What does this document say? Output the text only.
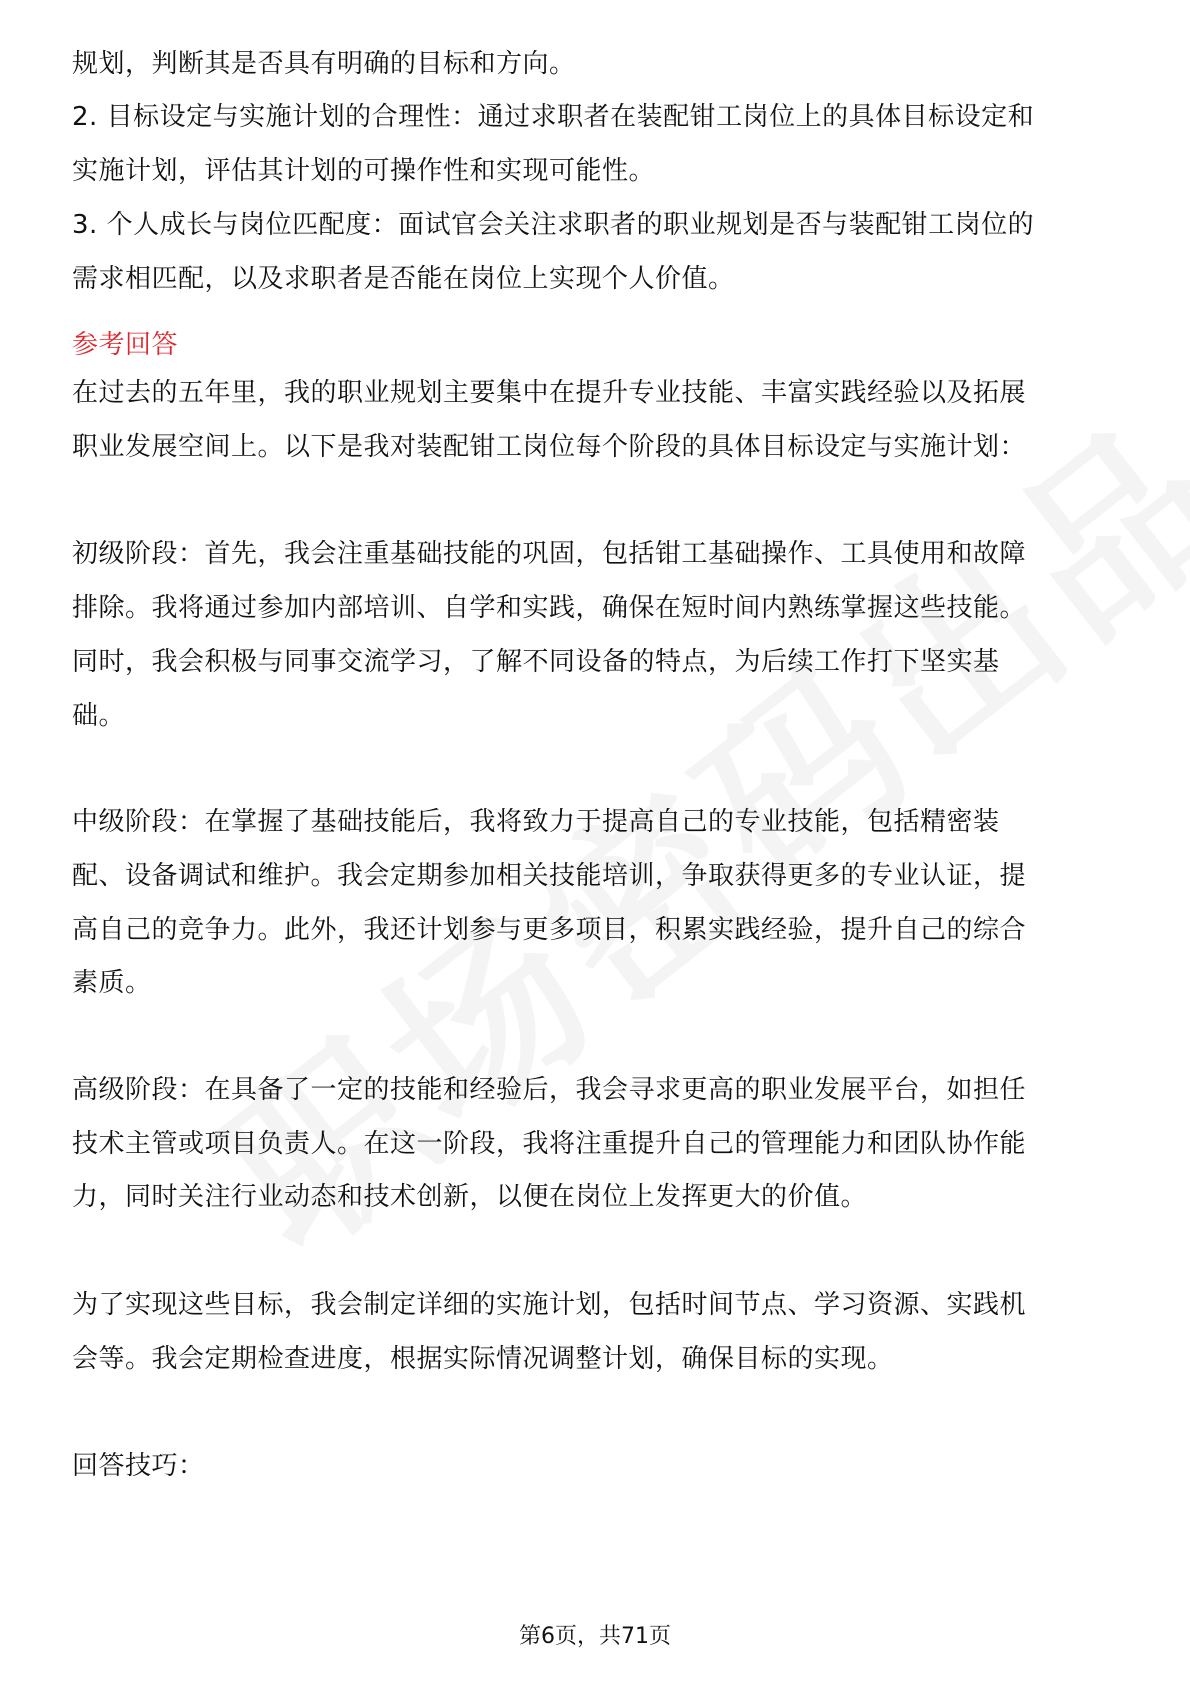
规划，判断其是否具有明确的目标和方向。
2. 目标设定与实施计划的合理性：通过求职者在装配钳工岗位上的具体目标设定和
实施计划，评估其计划的可操作性和实现可能性。
3. 个人成长与岗位匹配度：面试官会关注求职者的职业规划是否与装配钳工岗位的
需求相匹配，以及求职者是否能在岗位上实现个人价值。
参考回答
在过去的五年里，我的职业规划主要集中在提升专业技能、丰富实践经验以及拓展
职业发展空间上。以下是我对装配钳工岗位每个阶段的具体目标设定与实施计划：
初级阶段：首先，我会注重基础技能的巩固，包括钳工基础操作、工具使用和故障
排除。我将通过参加内部培训、自学和实践，确保在短时间内熟练掌握这些技能。
同时，我会积极与同事交流学习，了解不同设备的特点，为后续工作打下坚实基
础。
中级阶段：在掌握了基础技能后，我将致力于提高自己的专业技能，包括精密装
配、设备调试和维护。我会定期参加相关技能培训，争取获得更多的专业认证，提
高自己的竞争力。此外，我还计划参与更多项目，积累实践经验，提升自己的综合
素质。
高级阶段：在具备了一定的技能和经验后，我会寻求更高的职业发展平台，如担任
技术主管或项目负责人。在这一阶段，我将注重提升自己的管理能力和团队协作能
力，同时关注行业动态和技术创新，以便在岗位上发挥更大的价值。
为了实现这些目标，我会制定详细的实施计划，包括时间节点、学习资源、实践机
会等。我会定期检查进度，根据实际情况调整计划，确保目标的实现。
回答技巧：
第6页，共71页
